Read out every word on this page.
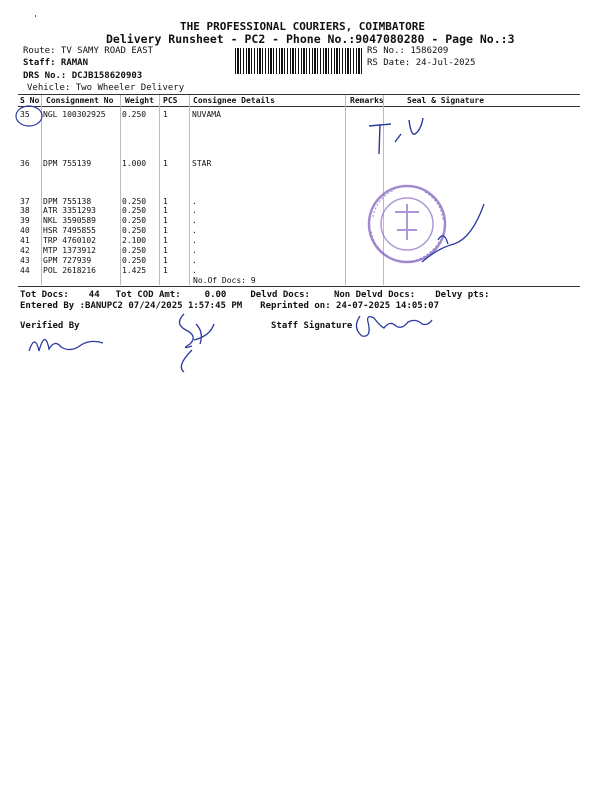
'
THE PROFESSIONAL COURIERS, COIMBATORE
Delivery Runsheet - PC2 - Phone No.:9047080280 - Page No.:3
Route: TV SAMY ROAD EAST
Staff: RAMAN
DRS No.: DCJB158620903
Vehicle: Two Wheeler Delivery
RS No.: 1586209
RS Date: 24-Jul-2025
S No Consignment No Weight PCS Consignee Details	Remarks	Seal & Signature
35 NGL 100302925 0.250 1	NUVAMA
36 DPM 755139	1.000 1	STAR
37 DPM 755138	0.250 1	.
38 ATR 3351293	0.250 1	.
39 NKL 3590589	0.250 1	.
40 HSR 7495855	0.250 1	.
41 TRP 4760102	2.100 1	.
42 MTP 1373912	0.250 1	.
43 GPM 727939	0.250 1	.
44 POL 2618216	1.425 1	.
No.Of Docs: 9
Tot Docs: 44 Tot COD Amt:	0.00	Delvd Docs:	Non Delvd Docs: Delvy pts:
Entered By :BANUPC2 07/24/2025 1:57:45 PM Reprinted on: 24-07-2025 14:05:07
Verified By	Staff Signature
